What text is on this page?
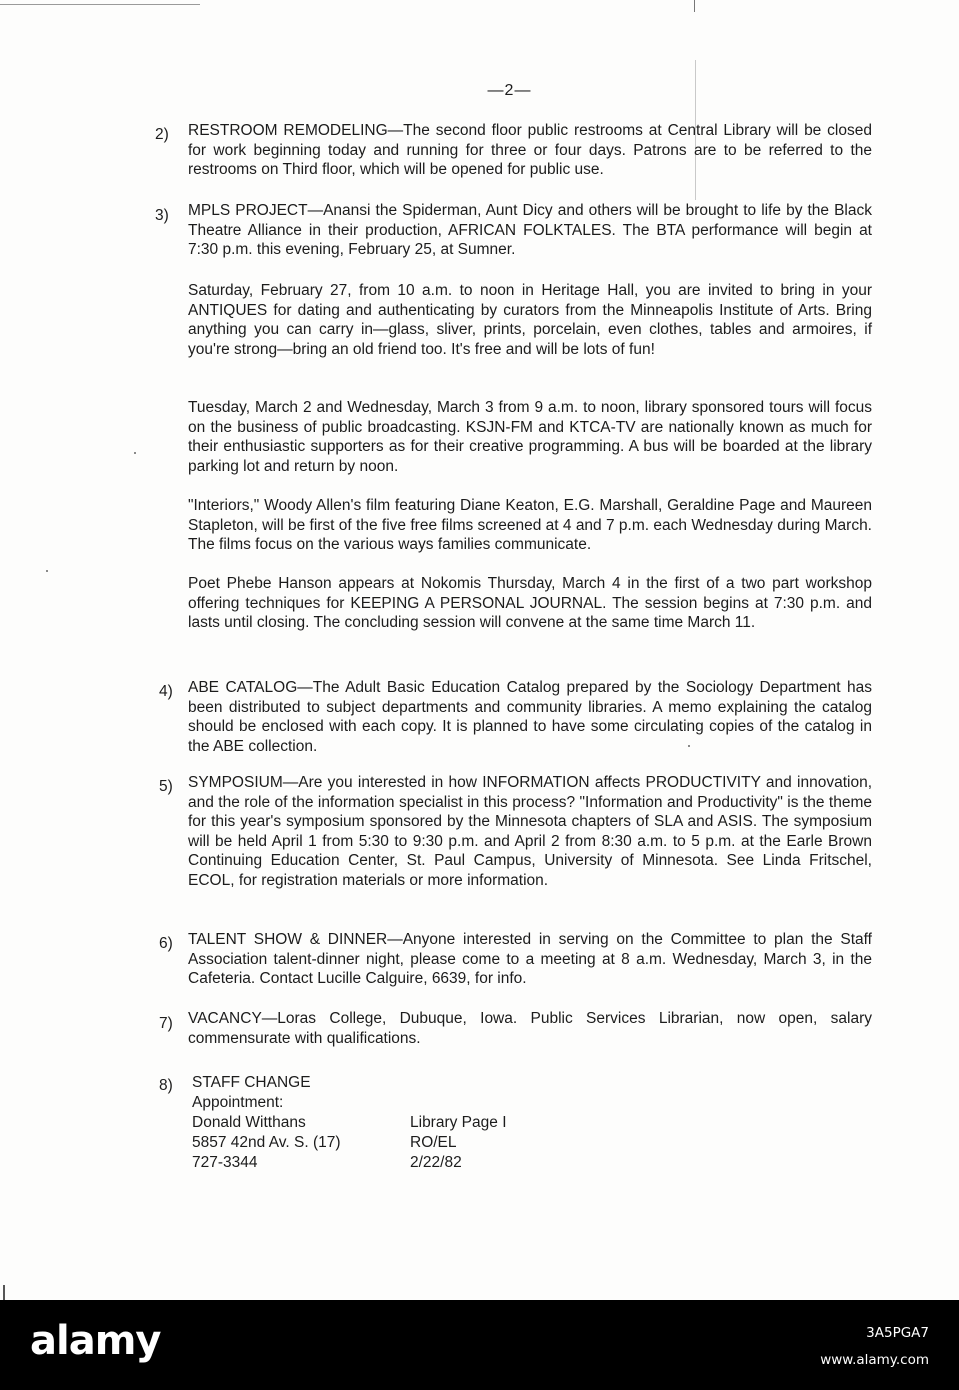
—2—
2) RESTROOM REMODELING—The second floor public restrooms at Central Library will be closed for work beginning today and running for three or four days. Patrons are to be referred to the restrooms on Third floor, which will be opened for public use.

3) MPLS PROJECT—Anansi the Spiderman, Aunt Dicy and others will be brought to life by the Black Theatre Alliance in their production, AFRICAN FOLKTALES. The BTA performance will begin at 7:30 p.m. this evening, February 25, at Sumner.

Saturday, February 27, from 10 a.m. to noon in Heritage Hall, you are invited to bring in your ANTIQUES for dating and authenticating by curators from the Minneapolis Institute of Arts. Bring anything you can carry in—glass, sliver, prints, porcelain, even clothes, tables and armoires, if you're strong—bring an old friend too. It's free and will be lots of fun!

Tuesday, March 2 and Wednesday, March 3 from 9 a.m. to noon, library sponsored tours will focus on the business of public broadcasting. KSJN-FM and KTCA-TV are nationally known as much for their enthusiastic supporters as for their creative programming. A bus will be boarded at the library parking lot and return by noon.

"Interiors," Woody Allen's film featuring Diane Keaton, E.G. Marshall, Geraldine Page and Maureen Stapleton, will be first of the five free films screened at 4 and 7 p.m. each Wednesday during March. The films focus on the various ways families communicate.

Poet Phebe Hanson appears at Nokomis Thursday, March 4 in the first of a two part workshop offering techniques for KEEPING A PERSONAL JOURNAL. The session begins at 7:30 p.m. and lasts until closing. The concluding session will convene at the same time March 11.

4) ABE CATALOG—The Adult Basic Education Catalog prepared by the Sociology Department has been distributed to subject departments and community libraries. A memo explaining the catalog should be enclosed with each copy. It is planned to have some circulating copies of the catalog in the ABE collection.

5) SYMPOSIUM—Are you interested in how INFORMATION affects PRODUCTIVITY and innovation, and the role of the information specialist in this process? "Information and Productivity" is the theme for this year's symposium sponsored by the Minnesota chapters of SLA and ASIS. The symposium will be held April 1 from 5:30 to 9:30 p.m. and April 2 from 8:30 a.m. to 5 p.m. at the Earle Brown Continuing Education Center, St. Paul Campus, University of Minnesota. See Linda Fritschel, ECOL, for registration materials or more information.

6) TALENT SHOW & DINNER—Anyone interested in serving on the Committee to plan the Staff Association talent-dinner night, please come to a meeting at 8 a.m. Wednesday, March 3, in the Cafeteria. Contact Lucille Calguire, 6639, for info.

7) VACANCY—Loras College, Dubuque, Iowa. Public Services Librarian, now open, salary commensurate with qualifications.

8) STAFF CHANGE
Appointment:
Donald Witthans
5857 42nd Av. S. (17)
727-3344
Library Page I
RO/EL
2/22/82
alamy	3A5PGA7
www.alamy.com
